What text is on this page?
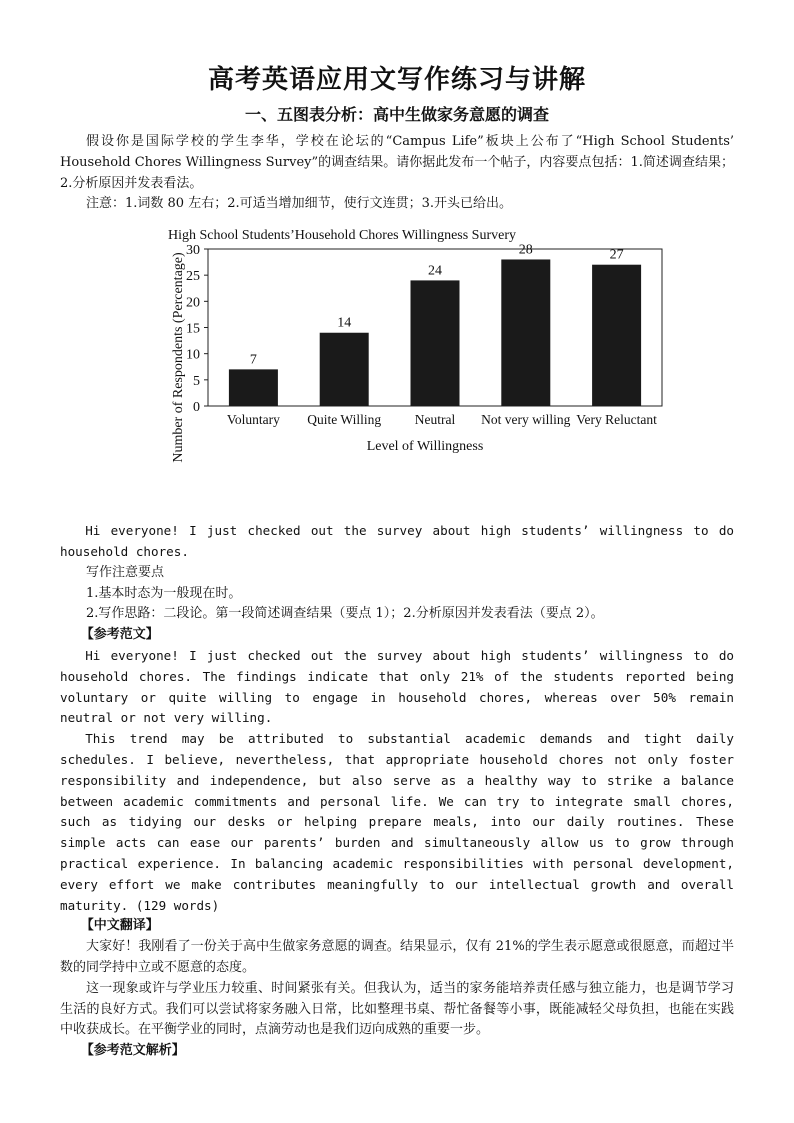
高考英语应用文写作练习与讲解
一、五图表分析：高中生做家务意愿的调查

假设你是国际学校的学生李华，学校在论坛的“Campus Life”板块上公布了“High School Students’ Household Chores Willingness Survey”的调查结果。请你据此发布一个帖子，内容要点包括：1.简述调查结果；2.分析原因并发表看法。

注意：1.词数 80 左右；2.可适当增加细节，使行文连贯；3.开头已给出。

High School Students’Household Chores Willingness Survery
0
5
10
15
20
25
30
7
Voluntary
14
Quite Willing
24
Neutral
28
Not very willing
27
Very Reluctant
Level of Willingness
Number of Respondents (Percentage)

Hi everyone! I just checked out the survey about high students’ willingness to do household chores.

写作注意要点

1.基本时态为一般现在时。

2.写作思路：二段论。第一段简述调查结果（要点 1）；2.分析原因并发表看法（要点 2）。

【参考范文】

Hi everyone! I just checked out the survey about high students’ willingness to do household chores. The findings indicate that only 21% of the students reported being voluntary or quite willing to engage in household chores, whereas over 50% remain neutral or not very willing.

This trend may be attributed to substantial academic demands and tight daily schedules. I believe, nevertheless, that appropriate household chores not only foster responsibility and independence, but also serve as a healthy way to strike a balance between academic commitments and personal life. We can try to integrate small chores, such as tidying our desks or helping prepare meals, into our daily routines. These simple acts can ease our parents’ burden and simultaneously allow us to grow through practical experience. In balancing academic responsibilities with personal development, every effort we make contributes meaningfully to our intellectual growth and overall maturity. (129 words)

【中文翻译】

大家好！我刚看了一份关于高中生做家务意愿的调查。结果显示，仅有 21%的学生表示愿意或很愿意，而超过半数的同学持中立或不愿意的态度。

这一现象或许与学业压力较重、时间紧张有关。但我认为，适当的家务能培养责任感与独立能力，也是调节学习生活的良好方式。我们可以尝试将家务融入日常，比如整理书桌、帮忙备餐等小事，既能减轻父母负担，也能在实践中收获成长。在平衡学业的同时，点滴劳动也是我们迈向成熟的重要一步。

【参考范文解析】
